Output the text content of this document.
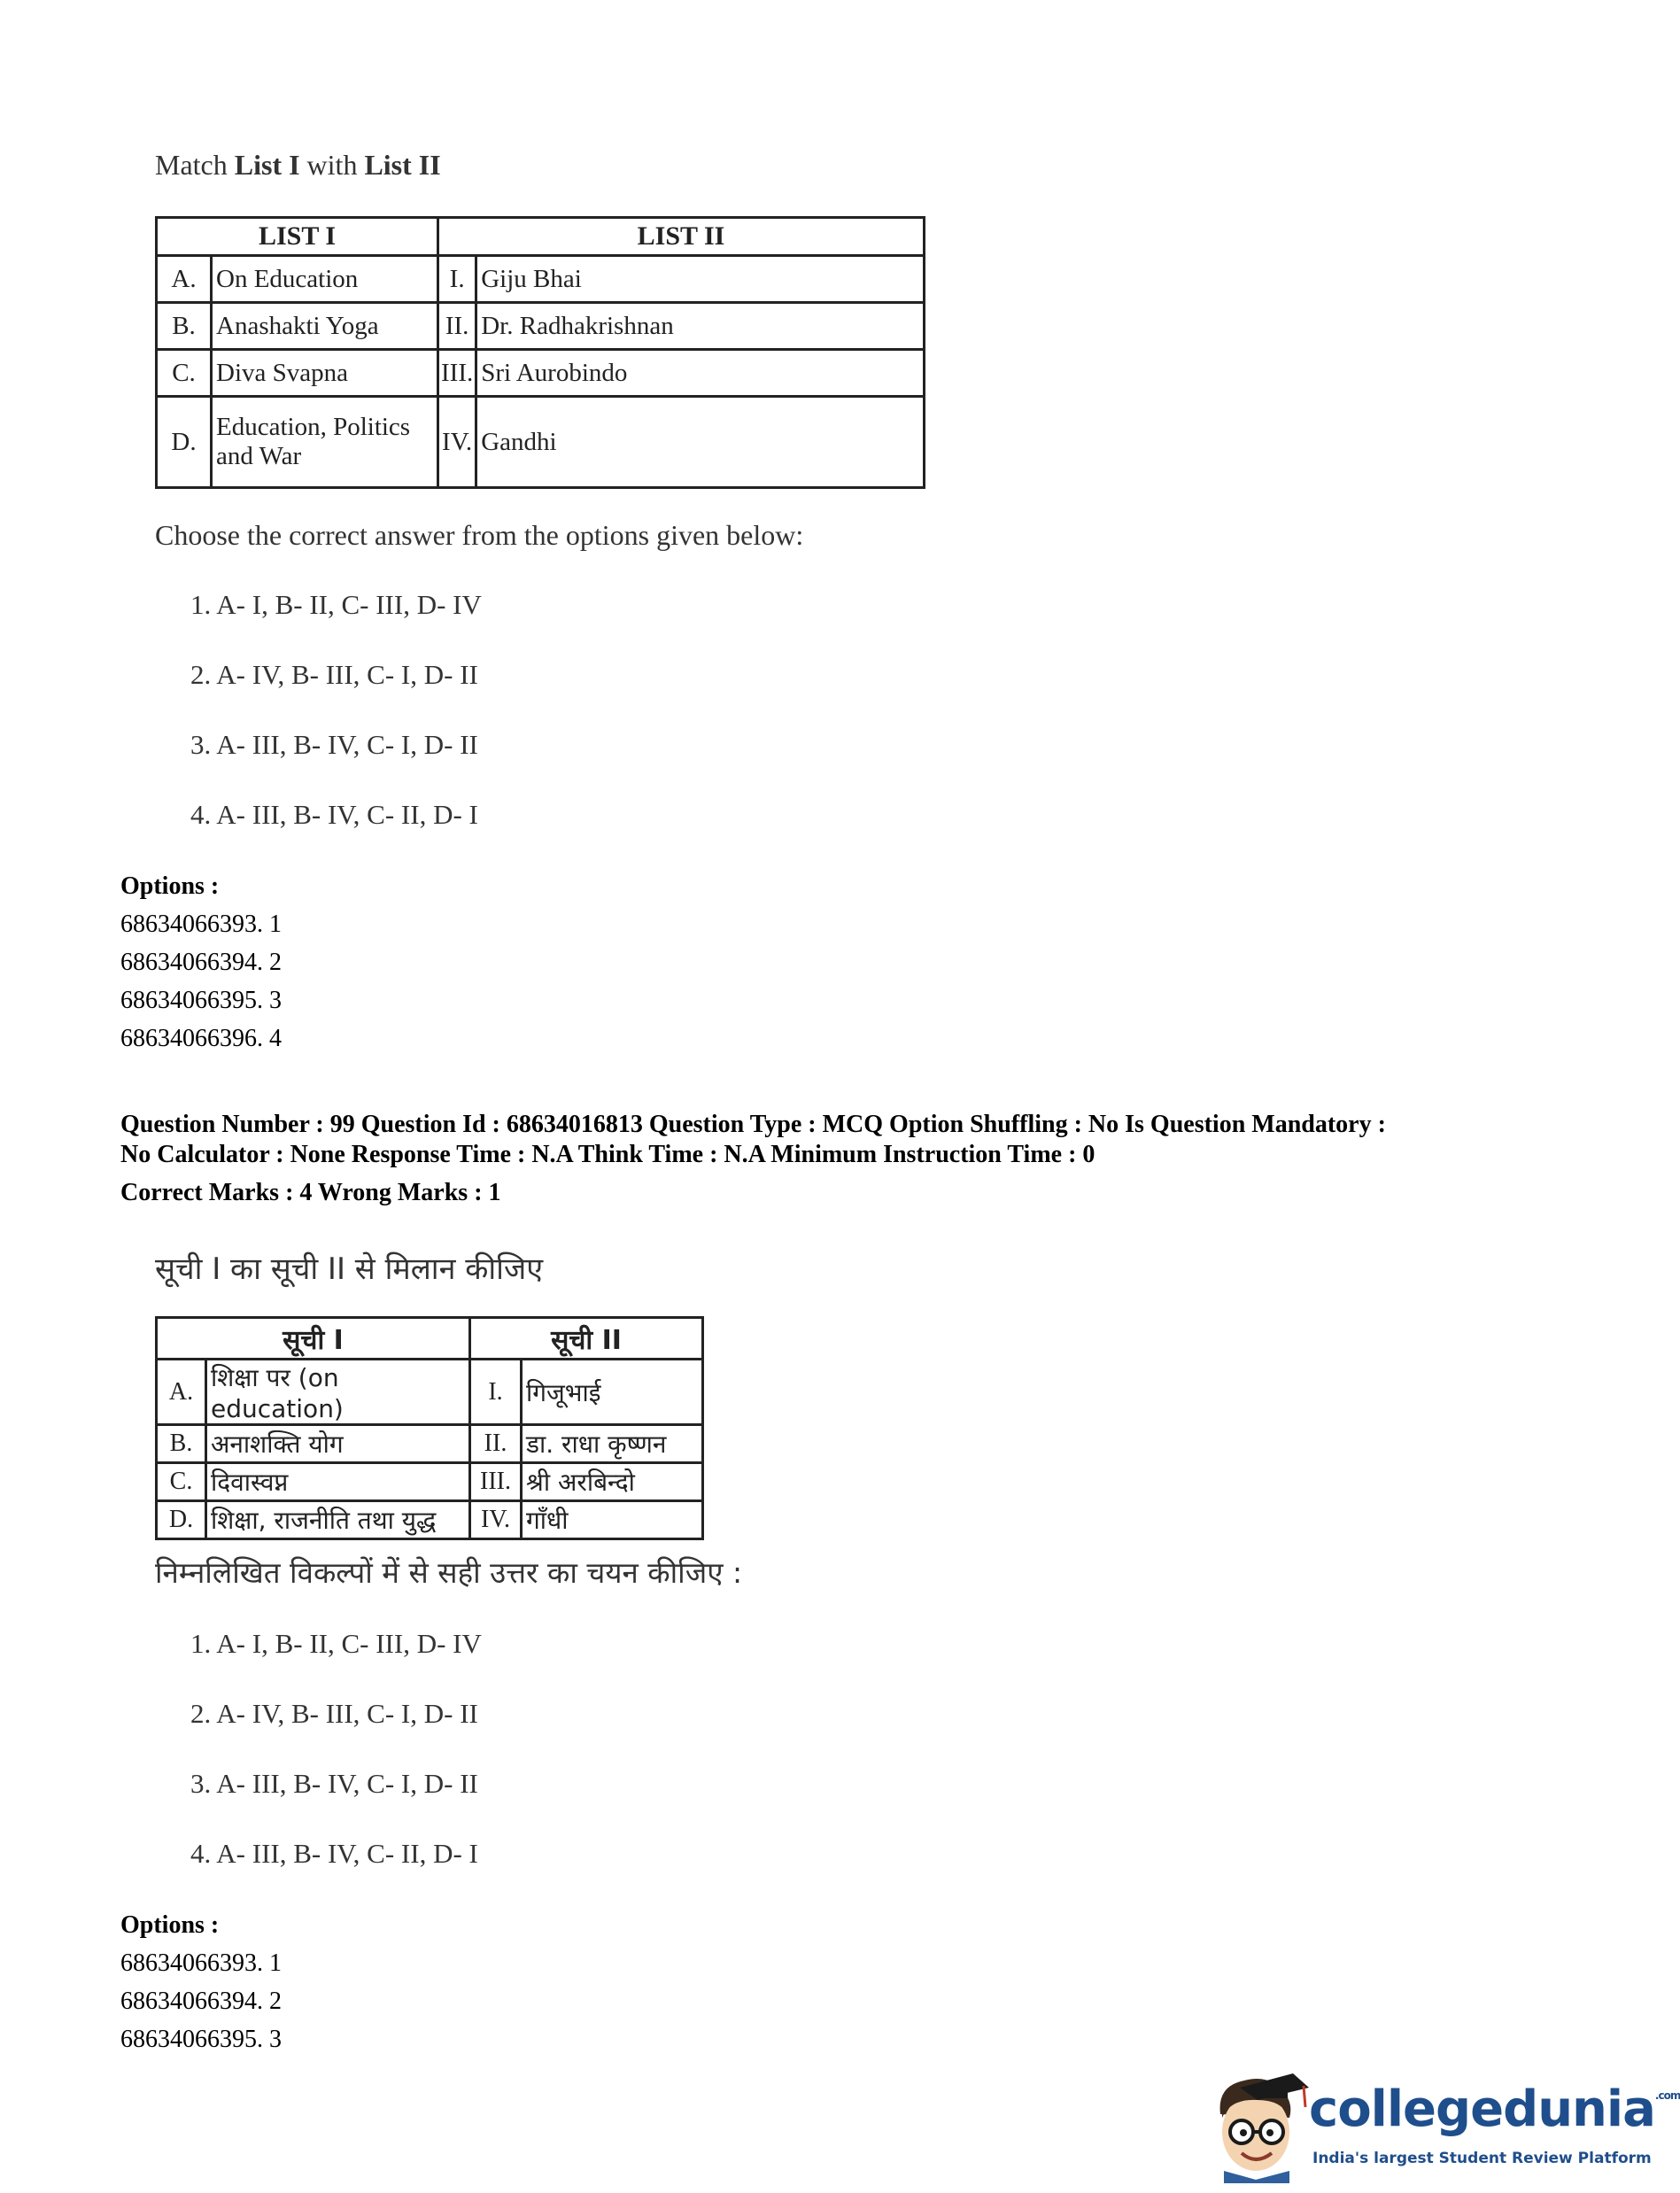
Match List I with List II
LIST I		LIST II	
A.	On Education	I.	Giju Bhai
B.	Anashakti Yoga	II.	Dr. Radhakrishnan
C.	Diva Svapna	III.	Sri Aurobindo
D.	Education, Politics and War	IV.	Gandhi
Choose the correct answer from the options given below:
1. A- I, B- II, C- III, D- IV
2. A- IV, B- III, C- I, D- II
3. A- III, B- IV, C- I, D- II
4. A- III, B- IV, C- II, D- I
Options :
68634066393. 1
68634066394. 2
68634066395. 3
68634066396. 4
Question Number : 99 Question Id : 68634016813 Question Type : MCQ Option Shuffling : No Is Question Mandatory :
No Calculator : None Response Time : N.A Think Time : N.A Minimum Instruction Time : 0
Correct Marks : 4 Wrong Marks : 1
सूची I का सूची II से मिलान कीजिए
सूची I		सूची II	
A.	शिक्षा पर (on education)	I.	गिजूभाई
B.	अनाशक्ति योग	II.	डा. राधा कृष्णन
C.	दिवास्वप्न	III.	श्री अरबिन्दो
D.	शिक्षा, राजनीति तथा युद्ध	IV.	गाँधी
निम्नलिखित विकल्पों में से सही उत्तर का चयन कीजिए :
1. A- I, B- II, C- III, D- IV
2. A- IV, B- III, C- I, D- II
3. A- III, B- IV, C- I, D- II
4. A- III, B- IV, C- II, D- I
Options :
68634066393. 1
68634066394. 2
68634066395. 3
collegedunia$^{.com}$
India's largest Student Review Platform
